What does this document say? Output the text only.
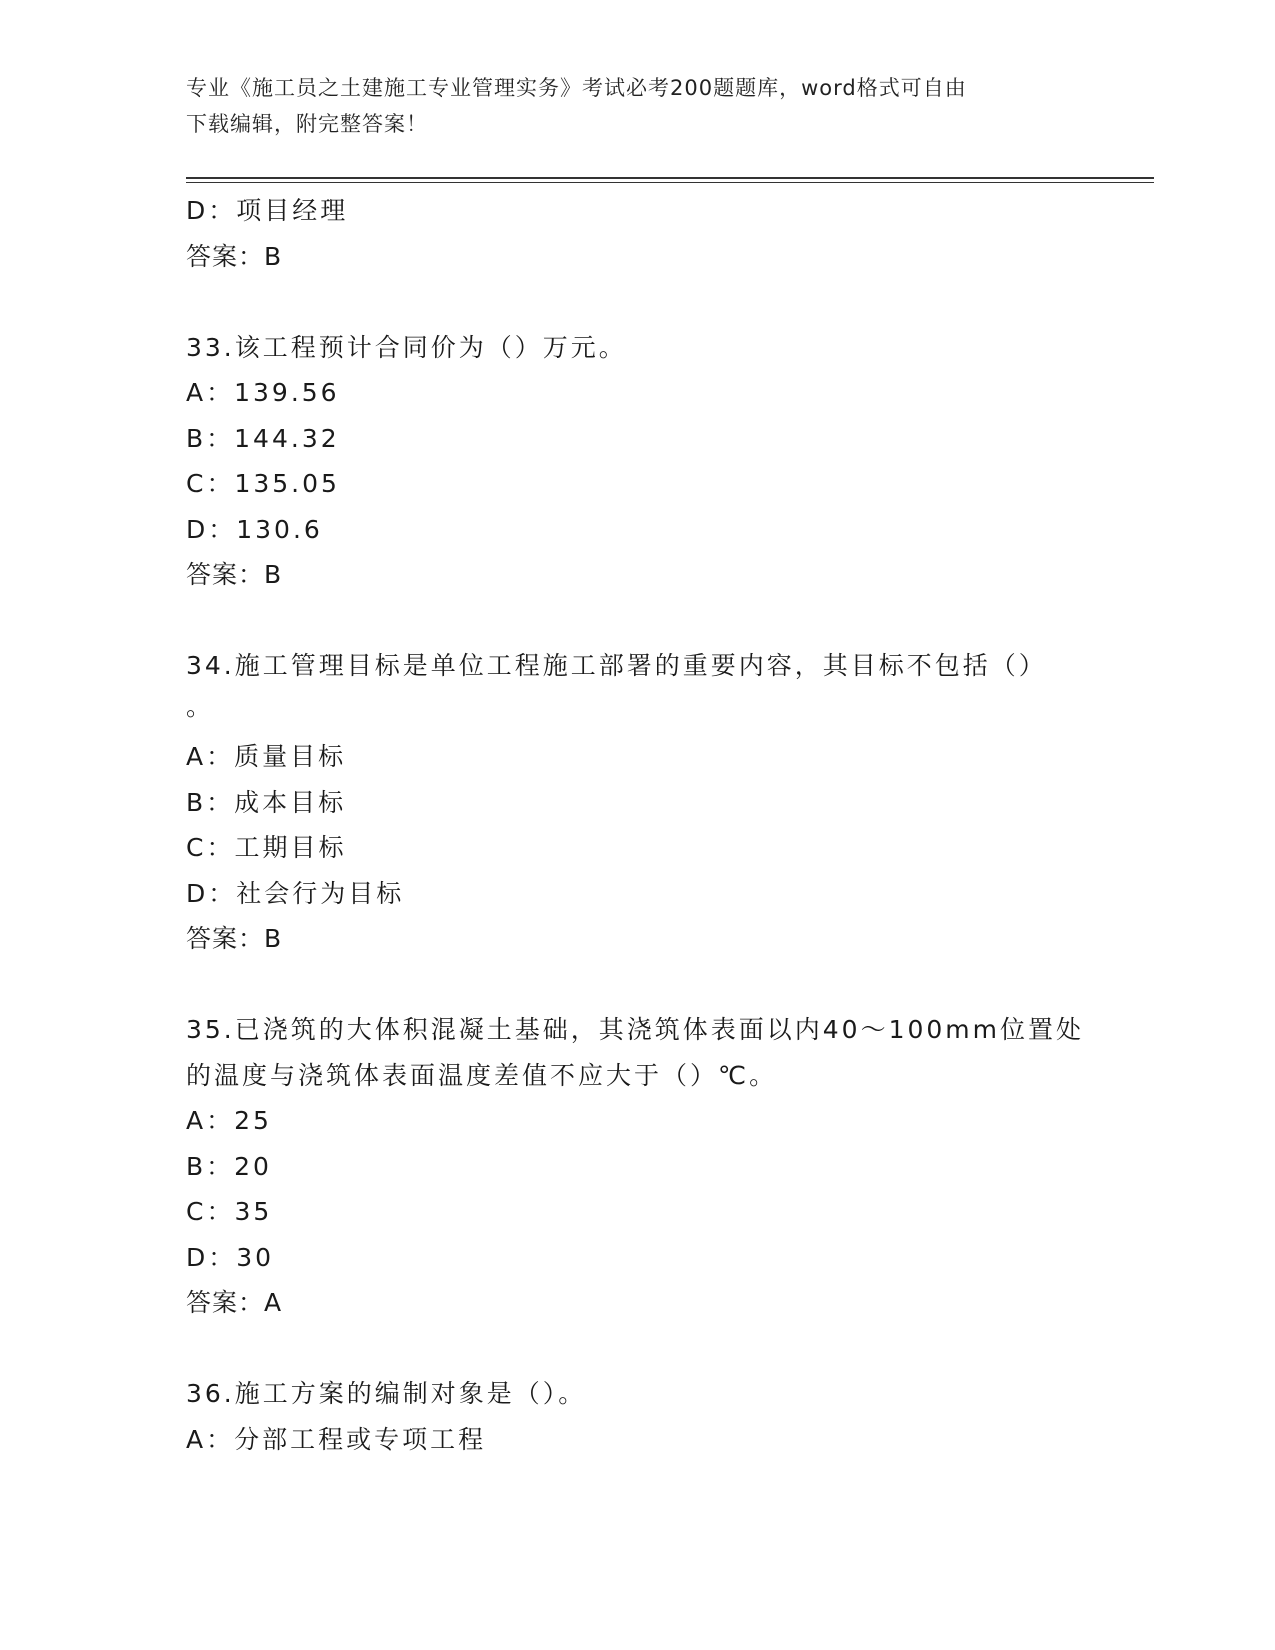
专业《施工员之土建施工专业管理实务》考试必考200题题库，word格式可自由
下载编辑，附完整答案！
D：项目经理
答案：B
33.该工程预计合同价为（）万元。
A：139.56
B：144.32
C：135.05
D：130.6
答案：B
34.施工管理目标是单位工程施工部署的重要内容，其目标不包括（）
。
A：质量目标
B：成本目标
C：工期目标
D：社会行为目标
答案：B
35.已浇筑的大体积混凝土基础，其浇筑体表面以内40～100mm位置处
的温度与浇筑体表面温度差值不应大于（）℃。
A：25
B：20
C：35
D：30
答案：A
36.施工方案的编制对象是（）。
A：分部工程或专项工程
